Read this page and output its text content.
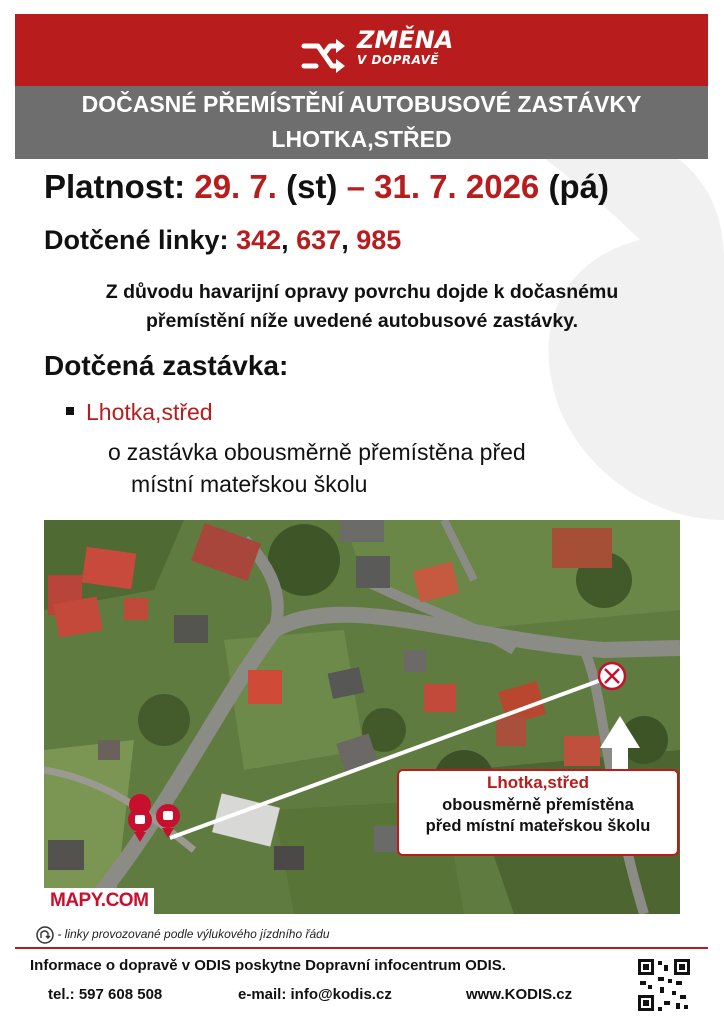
ZMĚNA
V DOPRAVĚ
DOČASNÉ PŘEMÍSTĚNÍ AUTOBUSOVÉ ZASTÁVKY
LHOTKA,STŘED
Platnost: 29. 7. (st) – 31. 7. 2026 (pá)
Dotčené linky: 342, 637, 985
Z důvodu havarijní opravy povrchu dojde k dočasnému
přemístění níže uvedené autobusové zastávky.
Dotčená zastávka:
Lhotka,střed
o zastávka obousměrně přemístěna před
místní mateřskou školu
Lhotka,střed
obousměrně přemístěna
před místní mateřskou školu
MAPY.COM
- linky provozované podle výlukového jízdního řádu
Informace o dopravě v ODIS poskytne Dopravní infocentrum ODIS.
tel.: 597 608 508	e-mail: info@kodis.cz	www.KODIS.cz
